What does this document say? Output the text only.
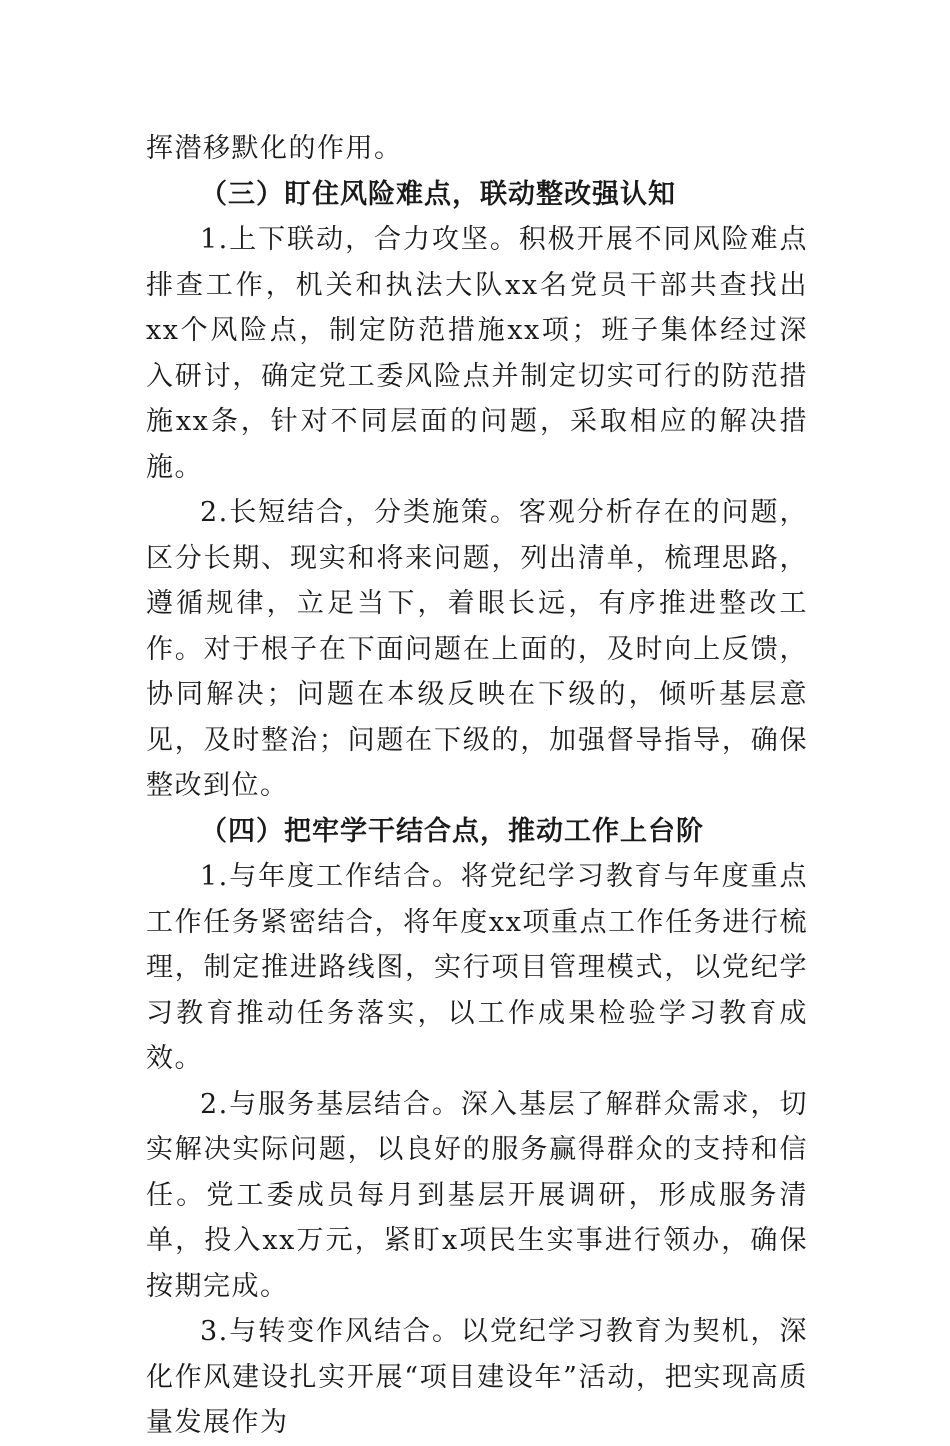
挥潜移默化的作用。

（三）盯住风险难点，联动整改强认知

1.上下联动，合力攻坚。积极开展不同风险难点排查工作，机关和执法大队xx名党员干部共查找出xx个风险点，制定防范措施xx项；班子集体经过深入研讨，确定党工委风险点并制定切实可行的防范措施xx条，针对不同层面的问题，采取相应的解决措施。

2.长短结合，分类施策。客观分析存在的问题，区分长期、现实和将来问题，列出清单，梳理思路，遵循规律，立足当下，着眼长远，有序推进整改工作。对于根子在下面问题在上面的，及时向上反馈，协同解决；问题在本级反映在下级的，倾听基层意见，及时整治；问题在下级的，加强督导指导，确保整改到位。

（四）把牢学干结合点，推动工作上台阶

1.与年度工作结合。将党纪学习教育与年度重点工作任务紧密结合，将年度xx项重点工作任务进行梳理，制定推进路线图，实行项目管理模式，以党纪学习教育推动任务落实，以工作成果检验学习教育成效。

2.与服务基层结合。深入基层了解群众需求，切实解决实际问题，以良好的服务赢得群众的支持和信任。党工委成员每月到基层开展调研，形成服务清单，投入xx万元，紧盯x项民生实事进行领办，确保按期完成。

3.与转变作风结合。以党纪学习教育为契机，深化作风建设扎实开展“项目建设年”活动，把实现高质量发展作为
